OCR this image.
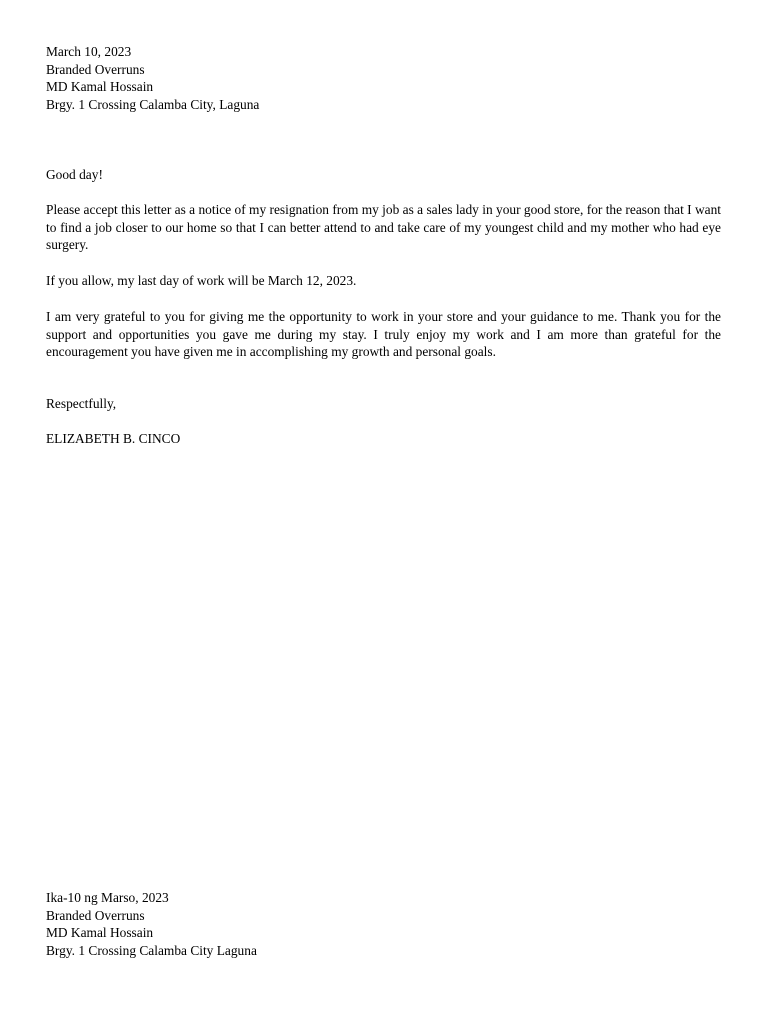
March 10, 2023
Branded Overruns
MD Kamal Hossain
Brgy. 1 Crossing Calamba City, Laguna
Good day!

Please accept this letter as a notice of my resignation from my job as a sales lady in your good store, for the reason that I want to find a job closer to our home so that I can better attend to and take care of my youngest child and my mother who had eye surgery.

If you allow, my last day of work will be March 12, 2023.

I am very grateful to you for giving me the opportunity to work in your store and your guidance to me. Thank you for the support and opportunities you gave me during my stay. I truly enjoy my work and I am more than grateful for the encouragement you have given me in accomplishing my growth and personal goals.

Respectfully,
ELIZABETH B. CINCO
Ika-10 ng Marso, 2023
Branded Overruns
MD Kamal Hossain
Brgy. 1 Crossing Calamba City Laguna
